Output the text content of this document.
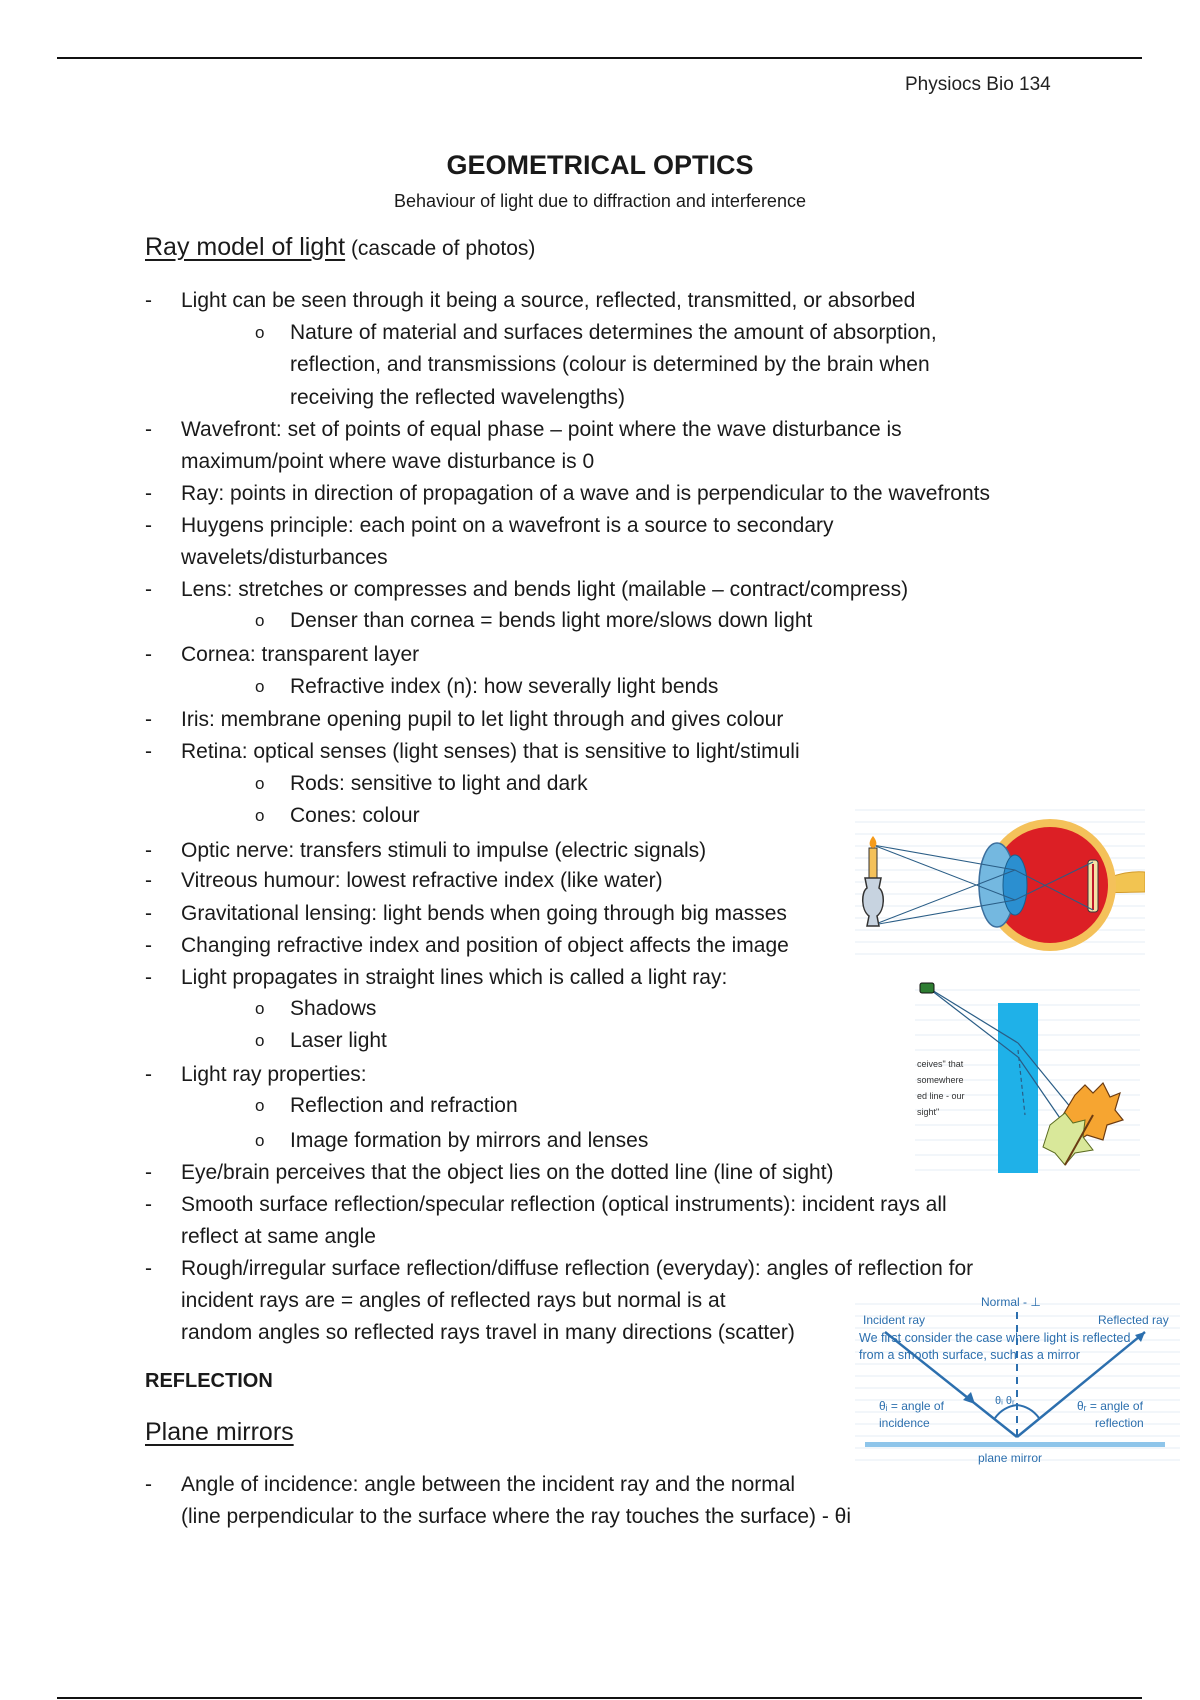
Physiocs Bio 134
GEOMETRICAL OPTICS
Behaviour of light due to diffraction and interference
Ray model of light (cascade of photos)
-
o
-
-
-
-
o
-
o
-
-
o
o
-
-
-
-
-
o
o
-
o
o
-
-
-
Light can be seen through it being a source, reflected, transmitted, or absorbed
Nature of material and surfaces determines the amount of absorption,
reflection, and transmissions (colour is determined by the brain when
receiving the reflected wavelengths)
Wavefront: set of points of equal phase – point where the wave disturbance is
maximum/point where wave disturbance is 0
Ray: points in direction of propagation of a wave and is perpendicular to the wavefronts
Huygens principle: each point on a wavefront is a source to secondary
wavelets/disturbances
Lens: stretches or compresses and bends light (mailable – contract/compress)
Denser than cornea = bends light more/slows down light
Cornea: transparent layer
Refractive index (n): how severally light bends
Iris: membrane opening pupil to let light through and gives colour
Retina: optical senses (light senses) that is sensitive to light/stimuli
Rods: sensitive to light and dark
Cones: colour
Optic nerve: transfers stimuli to impulse (electric signals)
Vitreous humour: lowest refractive index (like water)
Gravitational lensing: light bends when going through big masses
Changing refractive index and position of object affects the image
Light propagates in straight lines which is called a light ray:
Shadows
Laser light
Light ray properties:
Reflection and refraction
Image formation by mirrors and lenses
Eye/brain perceives that the object lies on the dotted line (line of sight)
Smooth surface reflection/specular reflection (optical instruments): incident rays all
reflect at same angle
Rough/irregular surface reflection/diffuse reflection (everyday): angles of reflection for
incident rays are = angles of reflected rays but normal is at
random angles so reflected rays travel in many directions (scatter)
REFLECTION
Plane mirrors
- Angle of incidence: angle between the incident ray and the normal
(line perpendicular to the surface where the ray touches the surface) - θi
ceives" that
somewhere
ed line - our
sight"
Normal - ⊥
Incident ray	Reflected ray
We first consider the case where light is reflected
from a smooth surface, such as a mirror
θᵢ θᵣ
θᵢ = angle of
incidence
θᵣ = angle of
reflection
plane mirror
